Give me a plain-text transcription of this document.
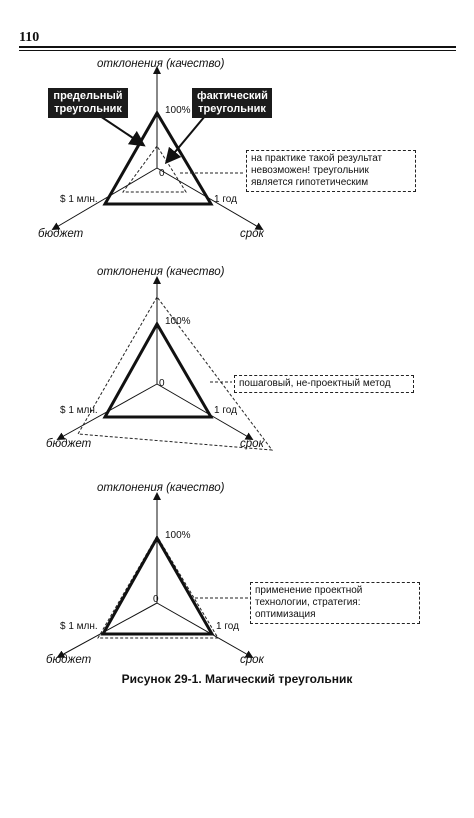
110
отклонения (качество)
бюджет	срок
100%
0
$ 1 млн.	1 год
предельный треугольник
фактический треугольник
на практике такой результат невозможен! треугольник является гипотетическим
отклонения (качество)
бюджет	срок
100%
0
$ 1 млн.	1 год
пошаговый, не-проектный метод
отклонения (качество)
бюджет	срок
100%
0
$ 1 млн.	1 год
применение проектной технологии, стратегия: оптимизация
Рисунок 29-1. Магический треугольник
